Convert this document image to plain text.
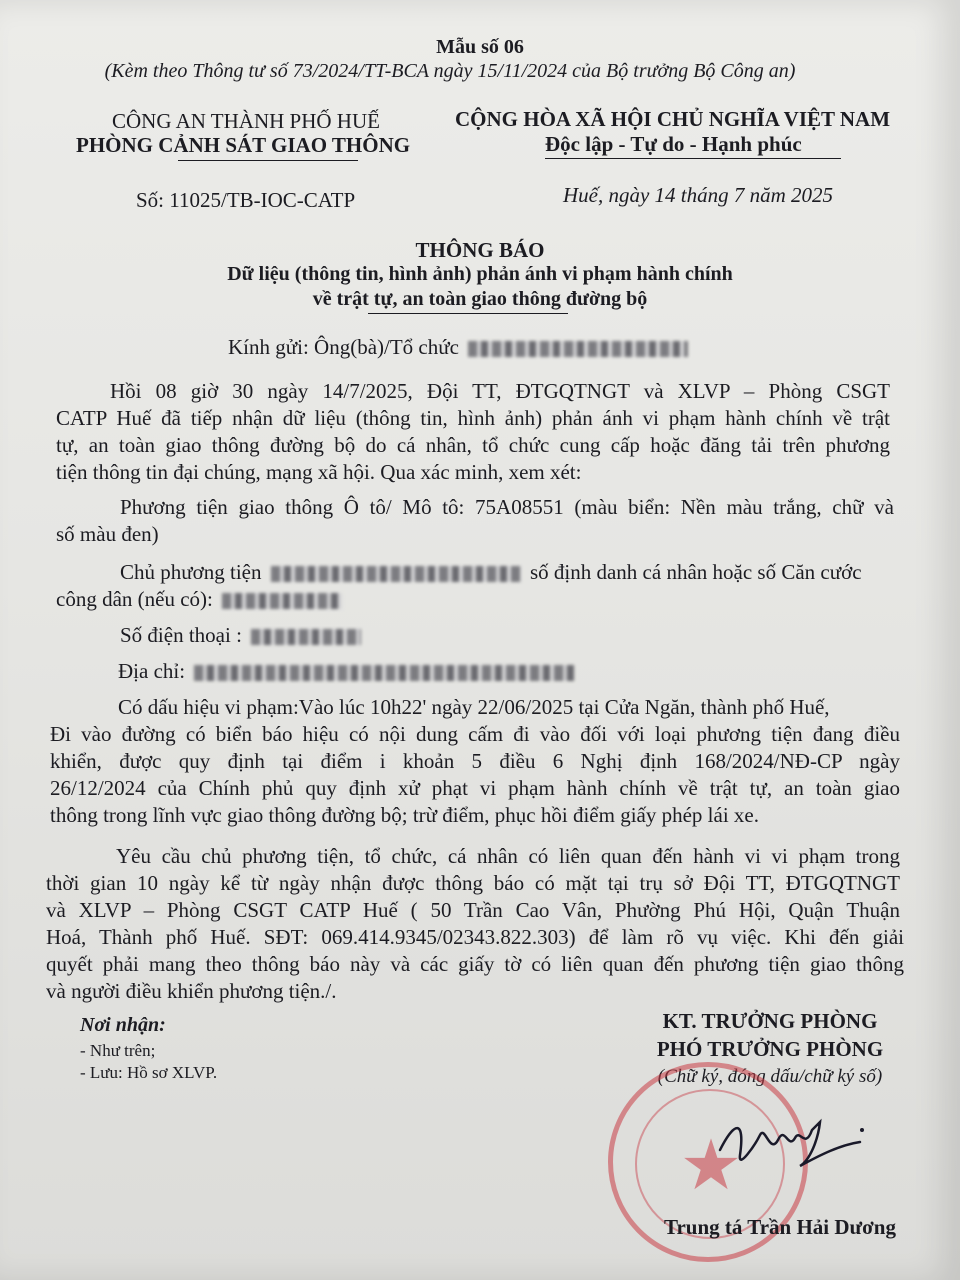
Mẫu số 06
(Kèm theo Thông tư số 73/2024/TT-BCA ngày 15/11/2024 của Bộ trưởng Bộ Công an)
CÔNG AN THÀNH PHỐ HUẾ
PHÒNG CẢNH SÁT GIAO THÔNG
CỘNG HÒA XÃ HỘI CHỦ NGHĨA VIỆT NAM
Độc lập - Tự do - Hạnh phúc
Số: 11025/TB-IOC-CATP	Huế, ngày 14 tháng 7 năm 2025
THÔNG BÁO
Dữ liệu (thông tin, hình ảnh) phản ánh vi phạm hành chính
về trật tự, an toàn giao thông đường bộ
Kính gửi: Ông(bà)/Tổ chức
Hồi 08 giờ 30 ngày 14/7/2025, Đội TT, ĐTGQTNGT và XLVP – Phòng CSGT
CATP Huế đã tiếp nhận dữ liệu (thông tin, hình ảnh) phản ánh vi phạm hành chính về trật
tự, an toàn giao thông đường bộ do cá nhân, tổ chức cung cấp hoặc đăng tải trên phương
tiện thông tin đại chúng, mạng xã hội. Qua xác minh, xem xét:
Phương tiện giao thông Ô tô/ Mô tô: 75A08551 (màu biển: Nền màu trắng, chữ và
số màu đen)
Chủ phương tiện	số định danh cá nhân hoặc số Căn cước
công dân (nếu có):
Số điện thoại :
Địa chỉ:
Có dấu hiệu vi phạm:Vào lúc 10h22' ngày 22/06/2025 tại Cửa Ngăn, thành phố Huế,
Đi vào đường có biển báo hiệu có nội dung cấm đi vào đối với loại phương tiện đang điều
khiển, được quy định tại điểm i khoản 5 điều 6 Nghị định 168/2024/NĐ-CP ngày
26/12/2024 của Chính phủ quy định xử phạt vi phạm hành chính về trật tự, an toàn giao
thông trong lĩnh vực giao thông đường bộ; trừ điểm, phục hồi điểm giấy phép lái xe.
Yêu cầu chủ phương tiện, tổ chức, cá nhân có liên quan đến hành vi vi phạm trong
thời gian 10 ngày kể từ ngày nhận được thông báo có mặt tại trụ sở Đội TT, ĐTGQTNGT
và XLVP – Phòng CSGT CATP Huế ( 50 Trần Cao Vân, Phường Phú Hội, Quận Thuận
Hoá, Thành phố Huế. SĐT: 069.414.9345/02343.822.303) để làm rõ vụ việc. Khi đến giải
quyết phải mang theo thông báo này và các giấy tờ có liên quan đến phương tiện giao thông
và người điều khiển phương tiện./.
Nơi nhận:
- Như trên;
- Lưu: Hồ sơ XLVP.
KT. TRƯỞNG PHÒNG
PHÓ TRƯỞNG PHÒNG
(Chữ ký, đóng dấu/chữ ký số)
★
Trung tá Trần Hải Dương
